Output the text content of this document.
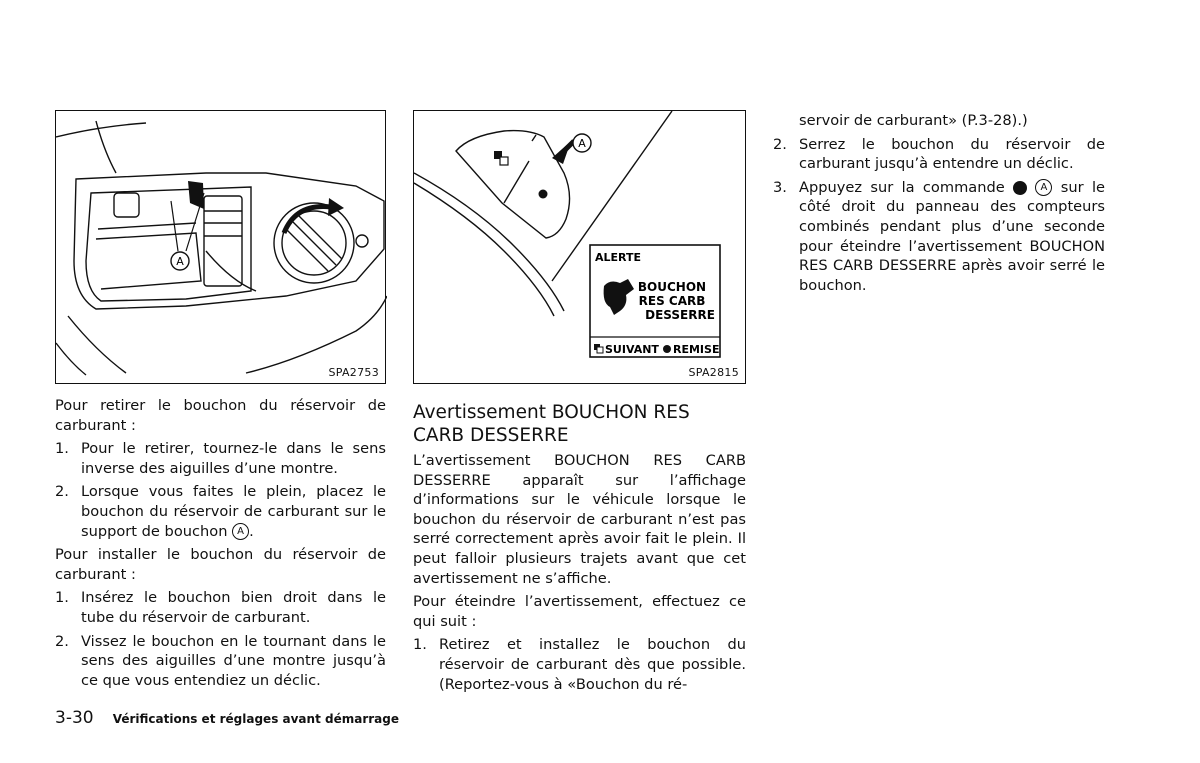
A
SPA2753
A
ALERTE
BOUCHON
RES CARB
DESSERRE
SUIVANT REMISE
SPA2815

Pour retirer le bouchon du réservoir de carburant :

1. Pour le retirer, tournez-le dans le sens inverse des aiguilles d’une montre.
2. Lorsque vous faites le plein, placez le bouchon du réservoir de carburant sur le support de bouchon A .

Pour installer le bouchon du réservoir de carburant :

1. Insérez le bouchon bien droit dans le tube du réservoir de carburant.
2. Vissez le bouchon en le tournant dans le sens des aiguilles d’une montre jusqu’à ce que vous entendiez un déclic.
Avertissement BOUCHON RES CARB DESSERRE

L’avertissement BOUCHON RES CARB DESSERRE apparaît sur l’affichage d’informations sur le véhicule lorsque le bouchon du réservoir de carburant n’est pas serré correctement après avoir fait le plein. Il peut falloir plusieurs trajets avant que cet avertissement ne s’affiche.

Pour éteindre l’avertissement, effectuez ce qui suit :

1. Retirez et installez le bouchon du réservoir de carburant dès que possible. (Reportez-vous à «Bouchon du ré-
servoir de carburant» (P.3-28).)
2. Serrez le bouchon du réservoir de carburant jusqu’à entendre un déclic.
3. Appuyez sur la commande	A sur le côté droit du panneau des compteurs combinés pendant plus d’une seconde pour éteindre l’avertissement BOUCHON RES CARB DESSERRE après avoir serré le bouchon.
3-30 Vérifications et réglages avant démarrage
